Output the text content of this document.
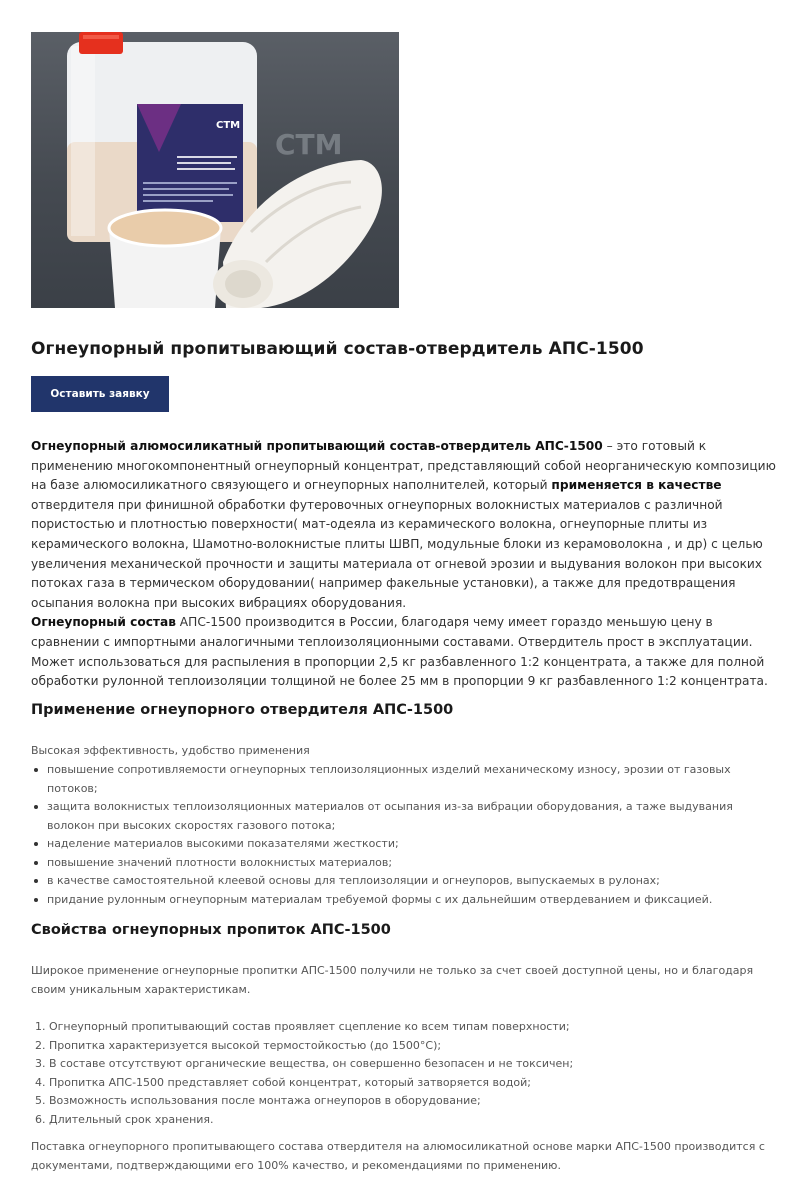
СТМ
СТМ
Огнеупорный пропитывающий состав-отвердитель АПС-1500
Оставить заявку
Огнеупорный алюмосиликатный пропитывающий состав-отвердитель АПС-1500 – это готовый к применению многокомпонентный огнеупорный концентрат, представляющий собой неорганическую композицию на базе алюмосиликатного связующего и огнеупорных наполнителей, который применяется в качестве отвердителя при финишной обработки футеровочных огнеупорных волокнистых материалов с различной пористостью и плотностью поверхности( мат-одеяла из керамического волокна, огнеупорные плиты из керамического волокна, Шамотно-волокнистые плиты ШВП, модульные блоки из керамоволокна , и др) с целью увеличения механической прочности и защиты материала от огневой эрозии и выдувания волокон при высоких потоках газа в термическом оборудовании( например факельные установки), а также для предотвращения осыпания волокна при высоких вибрациях оборудования.
Огнеупорный состав АПС-1500 производится в России, благодаря чему имеет гораздо меньшую цену в сравнении с импортными аналогичными теплоизоляционными составами. Отвердитель прост в эксплуатации. Может использоваться для распыления в пропорции 2,5 кг разбавленного 1:2 концентрата, а также для полной обработки рулонной теплоизоляции толщиной не более 25 мм в пропорции 9 кг разбавленного 1:2 концентрата.
Применение огнеупорного отвердителя АПС-1500
Высокая эффективность, удобство применения
повышение сопротивляемости огнеупорных теплоизоляционных изделий механическому износу, эрозии от газовых потоков;
защита волокнистых теплоизоляционных материалов от осыпания из-за вибрации оборудования, а таже выдувания волокон при высоких скоростях газового потока;
наделение материалов высокими показателями жесткости;
повышение значений плотности волокнистых материалов;
в качестве самостоятельной клеевой основы для теплоизоляции и огнеупоров, выпускаемых в рулонах;
придание рулонным огнеупорным материалам требуемой формы с их дальнейшим отвердеванием и фиксацией.
Свойства огнеупорных пропиток АПС-1500
Широкое применение огнеупорные пропитки АПС-1500 получили не только за счет своей доступной цены, но и благодаря своим уникальным характеристикам.
1. Огнеупорный пропитывающий состав проявляет сцепление ко всем типам поверхности;
2. Пропитка характеризуется высокой термостойкостью (до 1500°С);
3. В составе отсутствуют органические вещества, он совершенно безопасен и не токсичен;
4. Пропитка АПС-1500 представляет собой концентрат, который затворяется водой;
5. Возможность использования после монтажа огнеупоров в оборудование;
6. Длительный срок хранения.
Поставка огнеупорного пропитывающего состава отвердителя на алюмосиликатной основе марки АПС-1500 производится с документами, подтверждающими его 100% качество, и рекомендациями по применению.
